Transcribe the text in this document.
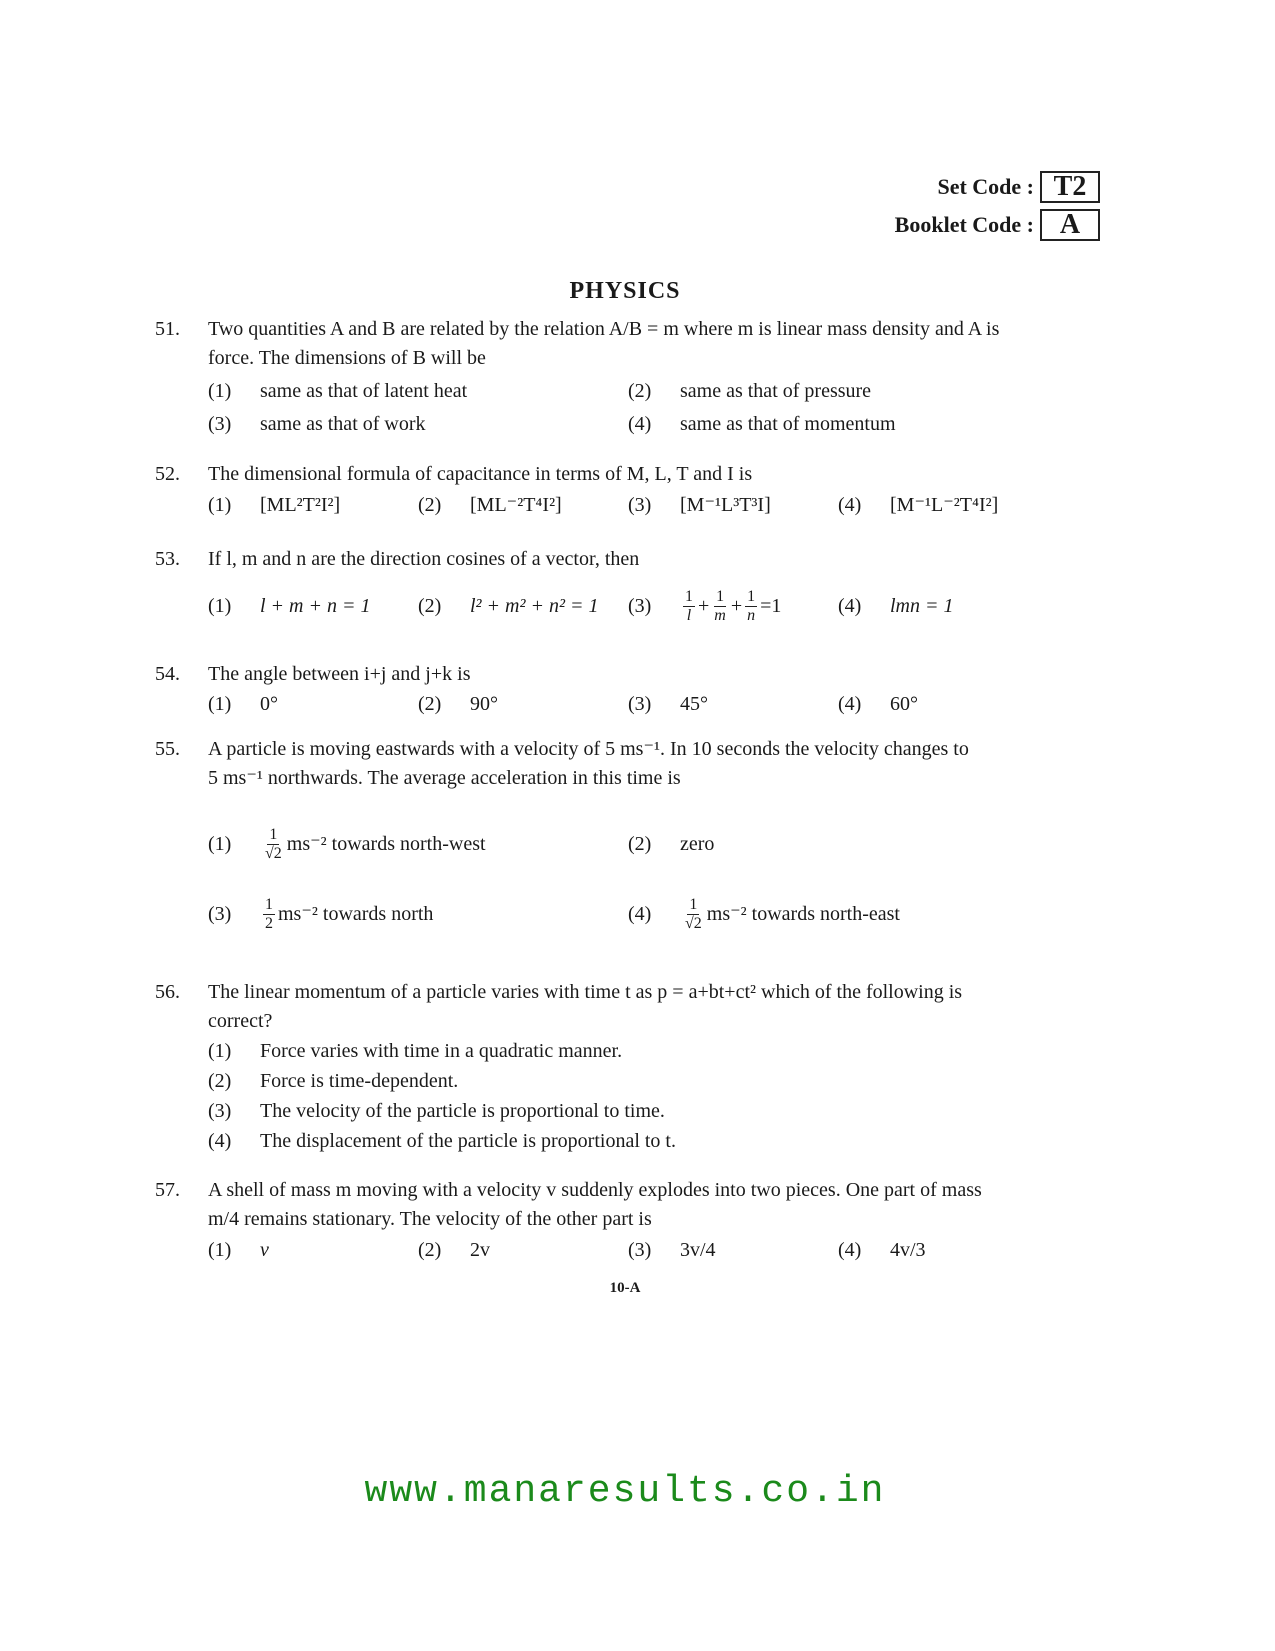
Set Code : T2
Booklet Code : A
PHYSICS
51.	Two quantities A and B are related by the relation A/B = m where m is linear mass density and A is
force. The dimensions of B will be
(1)	same as that of latent heat	(2)	same as that of pressure
(3)	same as that of work	(4)	same as that of momentum
52.	The dimensional formula of capacitance in terms of M, L, T and I is
(1)	[ML²T²I²]	(2)	[ML⁻²T⁴I²]	(3)	[M⁻¹L³T³I]	(4)	[M⁻¹L⁻²T⁴I²]
53.	If l, m and n are the direction cosines of a vector, then
(1)	l + m + n = 1 (2)	l² + m² + n² = 1 (3)	$\frac{1}{l} + \frac{1}{m} + \frac{1}{n} =1$	(4)	lmn = 1
54.	The angle between i+j and j+k is
(1)	0°	(2)	90°	(3)	45°	(4)	60°
55.	A particle is moving eastwards with a velocity of 5 ms⁻¹. In 10 seconds the velocity changes to
5 ms⁻¹ northwards. The average acceleration in this time is
(1)	$\frac{1}{√2} ms^{-2}$ towards north-west	(2)	zero
(3)	$\frac{1}{2} ms^{-2}$ towards north	(4)	$\frac{1}{√2} ms^{-2}$ towards north-east
56.	The linear momentum of a particle varies with time t as p = a+bt+ct² which of the following is
correct?
(1)	Force varies with time in a quadratic manner.
(2)	Force is time-dependent.
(3)	The velocity of the particle is proportional to time.
(4)	The displacement of the particle is proportional to t.
57.	A shell of mass m moving with a velocity v suddenly explodes into two pieces. One part of mass
m/4 remains stationary. The velocity of the other part is
(1)	v	(2)	2v	(3)	3v/4	(4)	4v/3
10-A
www.manaresults.co.in
